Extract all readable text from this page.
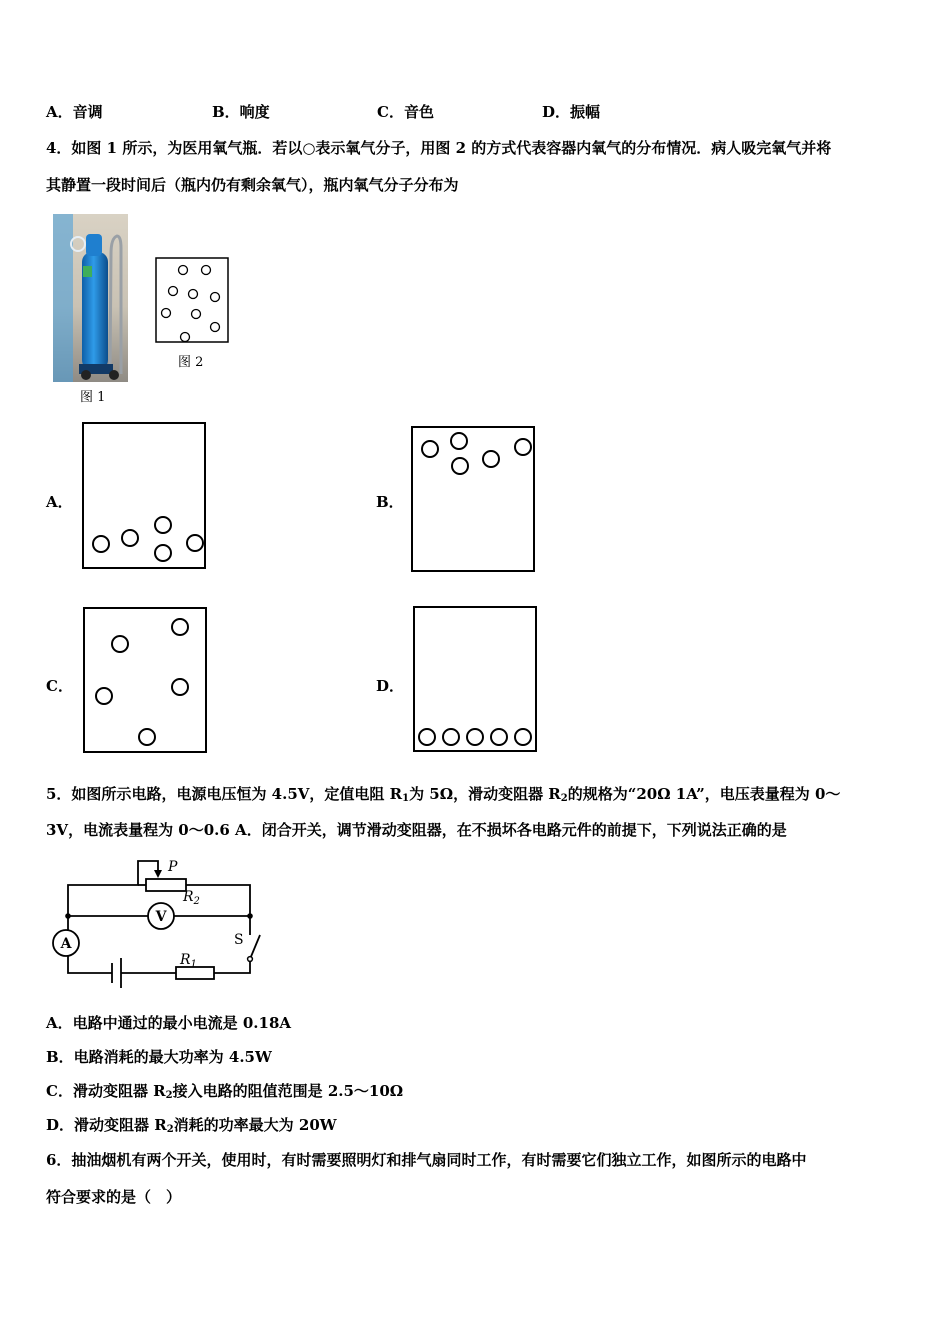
A．音调	B．响度	C．音色	D．振幅
4．如图 1 所示，为医用氧气瓶．若以○表示氧气分子，用图 2 的方式代表容器内氧气的分布情况．病人吸完氧气并将
其静置一段时间后（瓶内仍有剩余氧气），瓶内氧气分子分布为
图 1
图 2
A．	B．
C．	D．
5．如图所示电路，电源电压恒为 4.5V，定值电阻 $R_1$为 5Ω，滑动变阻器 $R_2$的规格为“20Ω 1A”，电压表量程为 0～
3V，电流表量程为 0～0.6 A．闭合开关，调节滑动变阻器，在不损坏各电路元件的前提下，下列说法正确的是
P
$R_2$
$R_1$
V
A	S
A．电路中通过的最小电流是 0.18A
B．电路消耗的最大功率为 4.5W
C．滑动变阻器 $R_2$接入电路的阻值范围是 2.5～10Ω
D．滑动变阻器 $R_2$消耗的功率最大为 20W
6．抽油烟机有两个开关，使用时，有时需要照明灯和排气扇同时工作，有时需要它们独立工作，如图所示的电路中
符合要求的是（　）
